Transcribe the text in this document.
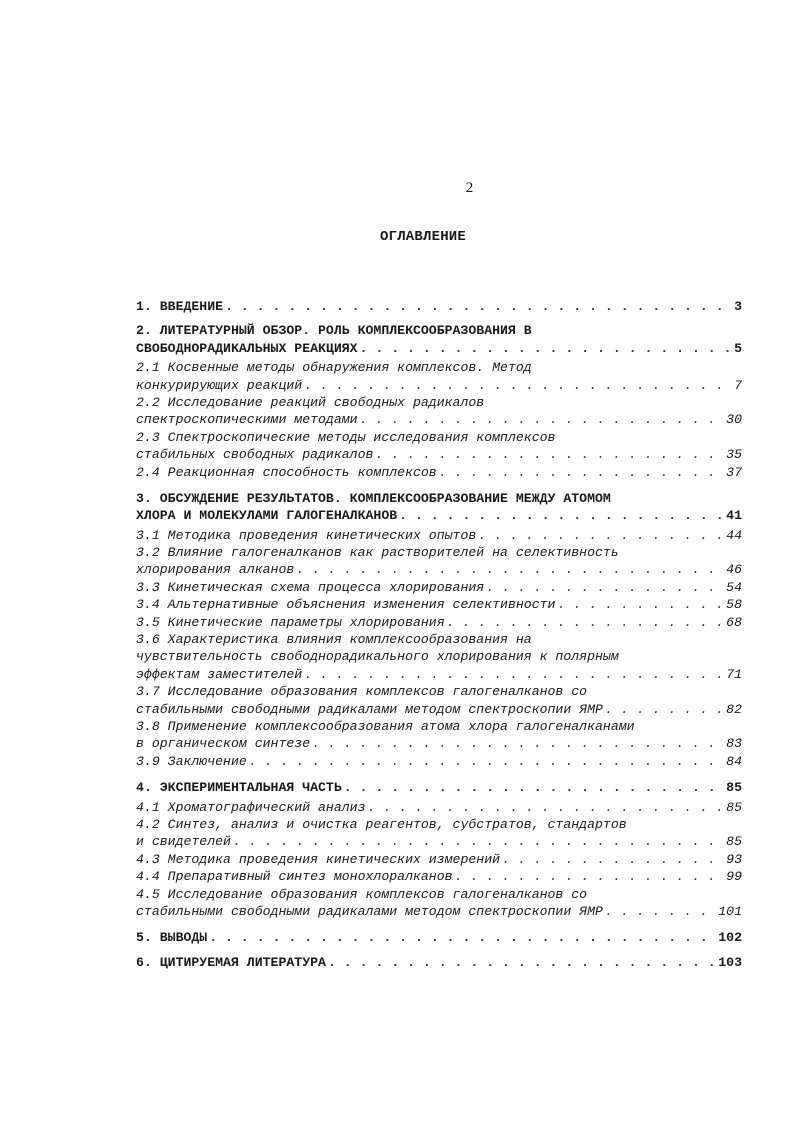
2
ОГЛАВЛЕНИЕ
1. ВВЕДЕНИЕ . . .	3
2. ЛИТЕРАТУРНЫЙ ОБЗОР. РОЛЬ КОМПЛЕКСООБРАЗОВАНИЯ В
СВОБОДНОРАДИКАЛЬНЫХ РЕАКЦИЯХ . . .	5
2.1 Косвенные методы обнаружения комплексов. Метод
конкурирующих реакций . . .	7
2.2 Исследование реакций свободных радикалов
спектроскопическими методами . . .	30
2.3 Спектроскопические методы исследования комплексов
стабильных свободных радикалов . . .	35
2.4 Реакционная способность комплексов . . .	37
3. ОБСУЖДЕНИЕ РЕЗУЛЬТАТОВ. КОМПЛЕКСООБРАЗОВАНИЕ МЕЖДУ АТОМОМ
ХЛОРА И МОЛЕКУЛАМИ ГАЛОГЕНАЛКАНОВ . . .	41
3.1 Методика проведения кинетических опытов . . .	44
3.2 Влияние галогеналканов как растворителей на селективность
хлорирования алканов . . .	46
3.3 Кинетическая схема процесса хлорирования . . .	54
3.4 Альтернативные объяснения изменения селективности . . .	58
3.5 Кинетические параметры хлорирования . . .	68
3.6 Характеристика влияния комплексообразования на
чувствительность свободнорадикального хлорирования к полярным
эффектам заместителей . . .	71
3.7 Исследование образования комплексов галогеналканов со
стабильными свободными радикалами методом спектроскопии ЯМР . . .	82
3.8 Применение комплексообразования атома хлора галогеналканами
в органическом синтезе . . .	83
3.9 Заключение . . .	84
4. ЭКСПЕРИМЕНТАЛЬНАЯ ЧАСТЬ . . .	85
4.1 Хроматографический анализ . . .	85
4.2 Синтез, анализ и очистка реагентов, субстратов, стандартов
и свидетелей . . .	85
4.3 Методика проведения кинетических измерений . . .	93
4.4 Препаративный синтез монохлоралканов . . .	99
4.5 Исследование образования комплексов галогеналканов со
стабильными свободными радикалами методом спектроскопии ЯМР . . .	101
5. ВЫВОДЫ . . .	102
6. ЦИТИРУЕМАЯ ЛИТЕРАТУРА . . .	103
